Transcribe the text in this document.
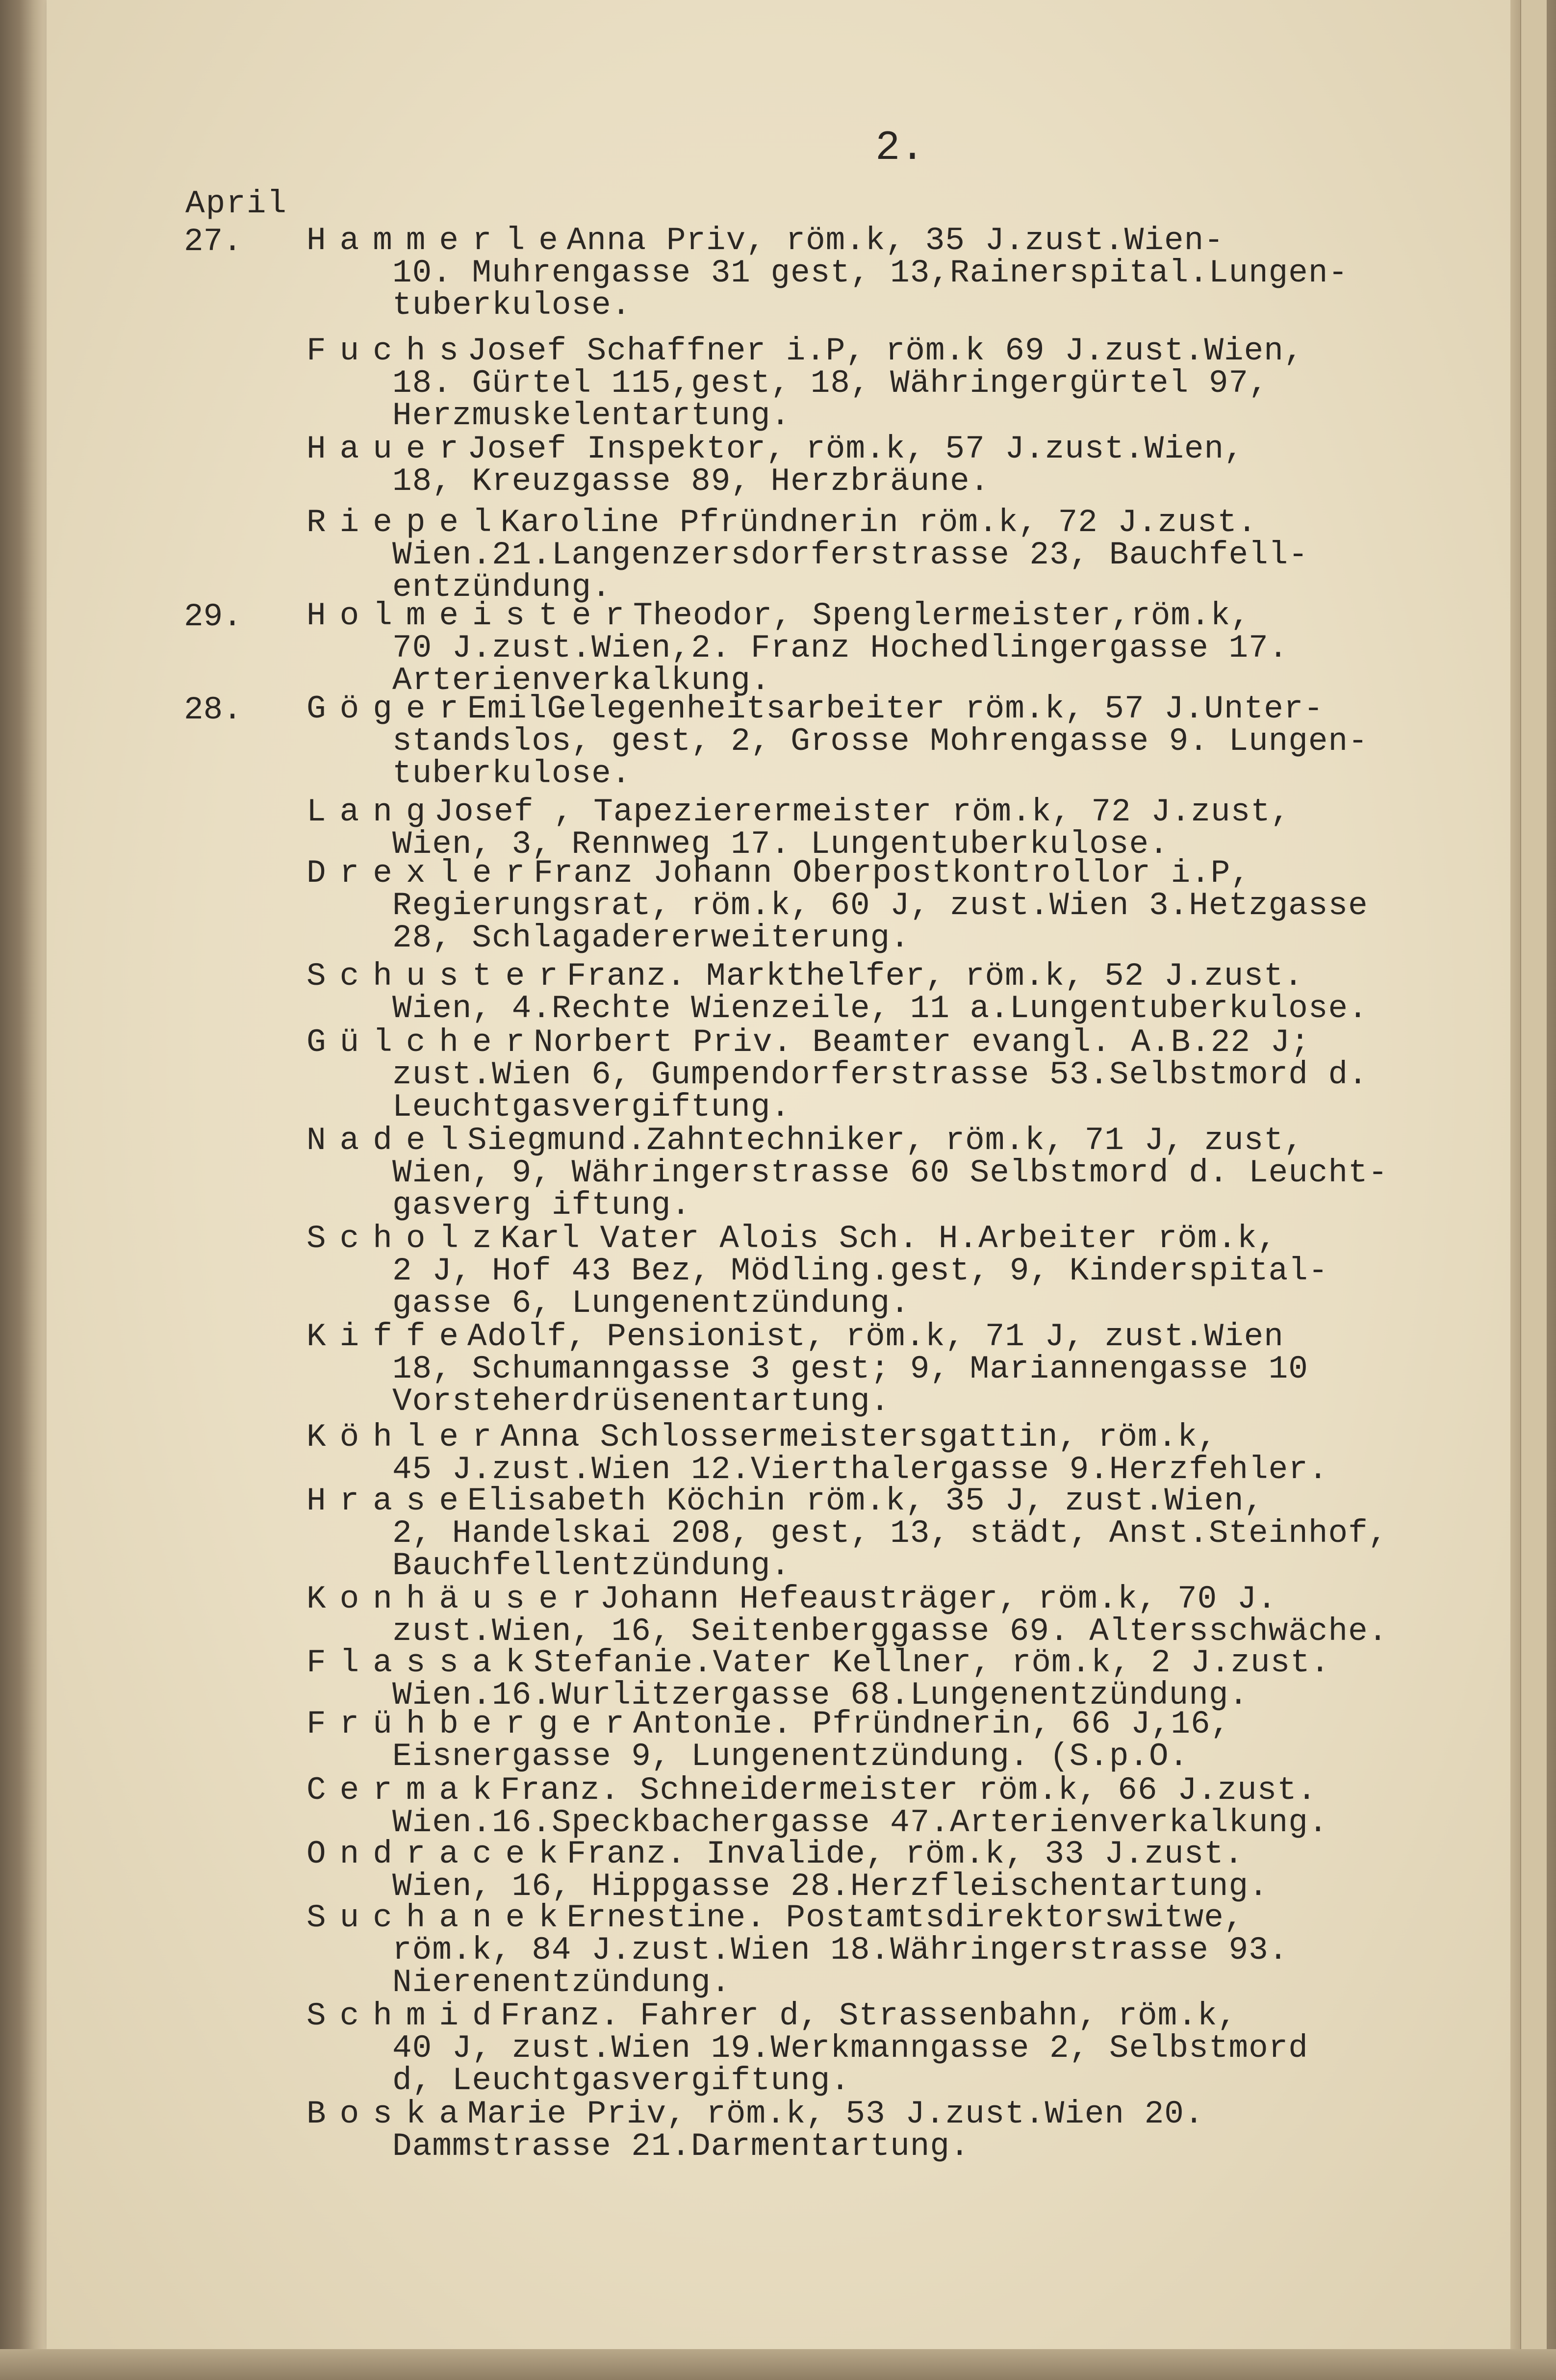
2.
April
27. Hammerle
Anna Priv, röm.k, 35 J.zust.Wien-
10. Muhrengasse 31 gest, 13,Rainerspital.Lungen-
tuberkulose.
Fuchs
Josef Schaffner i.P, röm.k 69 J.zust.Wien,
18. Gürtel 115,gest, 18, Währingergürtel 97,
Herzmuskelentartung.
Hauer
Josef Inspektor, röm.k, 57 J.zust.Wien,
18, Kreuzgasse 89, Herzbräune.
Riepel
Karoline Pfründnerin röm.k, 72 J.zust.
Wien.21.Langenzersdorferstrasse 23, Bauchfell-
entzündung.
29. Holmeister
Theodor, Spenglermeister,röm.k,
70 J.zust.Wien,2. Franz Hochedlingergasse 17.
Arterienverkalkung.
28. Göger
EmilGelegenheitsarbeiter röm.k, 57 J.Unter-
standslos, gest, 2, Grosse Mohrengasse 9. Lungen-
tuberkulose.
Lang
Josef , Tapezierermeister röm.k, 72 J.zust,
Wien, 3, Rennweg 17. Lungentuberkulose.
Drexler
Franz Johann Oberpostkontrollor i.P,
Regierungsrat, röm.k, 60 J, zust.Wien 3.Hetzgasse
28, Schlagadererweiterung.
Schuster
Franz. Markthelfer, röm.k, 52 J.zust.
Wien, 4.Rechte Wienzeile, 11 a.Lungentuberkulose.
Gülcher
Norbert Priv. Beamter evangl. A.B.22 J;
zust.Wien 6, Gumpendorferstrasse 53.Selbstmord d.
Leuchtgasvergiftung.
Nadel
Siegmund.Zahntechniker, röm.k, 71 J, zust,
Wien, 9, Währingerstrasse 60 Selbstmord d. Leucht-
gasverg iftung.
Scholz
Karl Vater Alois Sch. H.Arbeiter röm.k,
2 J, Hof 43 Bez, Mödling.gest, 9, Kinderspital-
gasse 6, Lungenentzündung.
Kiffe
Adolf, Pensionist, röm.k, 71 J, zust.Wien
18, Schumanngasse 3 gest; 9, Mariannengasse 10
Vorsteherdrüsenentartung.
Köhler
Anna Schlossermeistersgattin, röm.k,
45 J.zust.Wien 12.Vierthalergasse 9.Herzfehler.
Hrase
Elisabeth Köchin röm.k, 35 J, zust.Wien,
2, Handelskai 208, gest, 13, städt, Anst.Steinhof,
Bauchfellentzündung.
Konhäuser
Johann Hefeausträger, röm.k, 70 J.
zust.Wien, 16, Seitenberggasse 69. Altersschwäche.
Flassak
Stefanie.Vater Kellner, röm.k, 2 J.zust.
Wien.16.Wurlitzergasse 68.Lungenentzündung.
Frühberger
Antonie. Pfründnerin, 66 J,16,
Eisnergasse 9, Lungenentzündung. (S.p.O.
Cermak
Franz. Schneidermeister röm.k, 66 J.zust.
Wien.16.Speckbachergasse 47.Arterienverkalkung.
Ondracek
Franz. Invalide, röm.k, 33 J.zust.
Wien, 16, Hippgasse 28.Herzfleischentartung.
Suchanek
Ernestine. Postamtsdirektorswitwe,
röm.k, 84 J.zust.Wien 18.Währingerstrasse 93.
Nierenentzündung.
Schmid
Franz. Fahrer d, Strassenbahn, röm.k,
40 J, zust.Wien 19.Werkmanngasse 2, Selbstmord
d, Leuchtgasvergiftung.
Boska
Marie Priv, röm.k, 53 J.zust.Wien 20.
Dammstrasse 21.Darmentartung.
